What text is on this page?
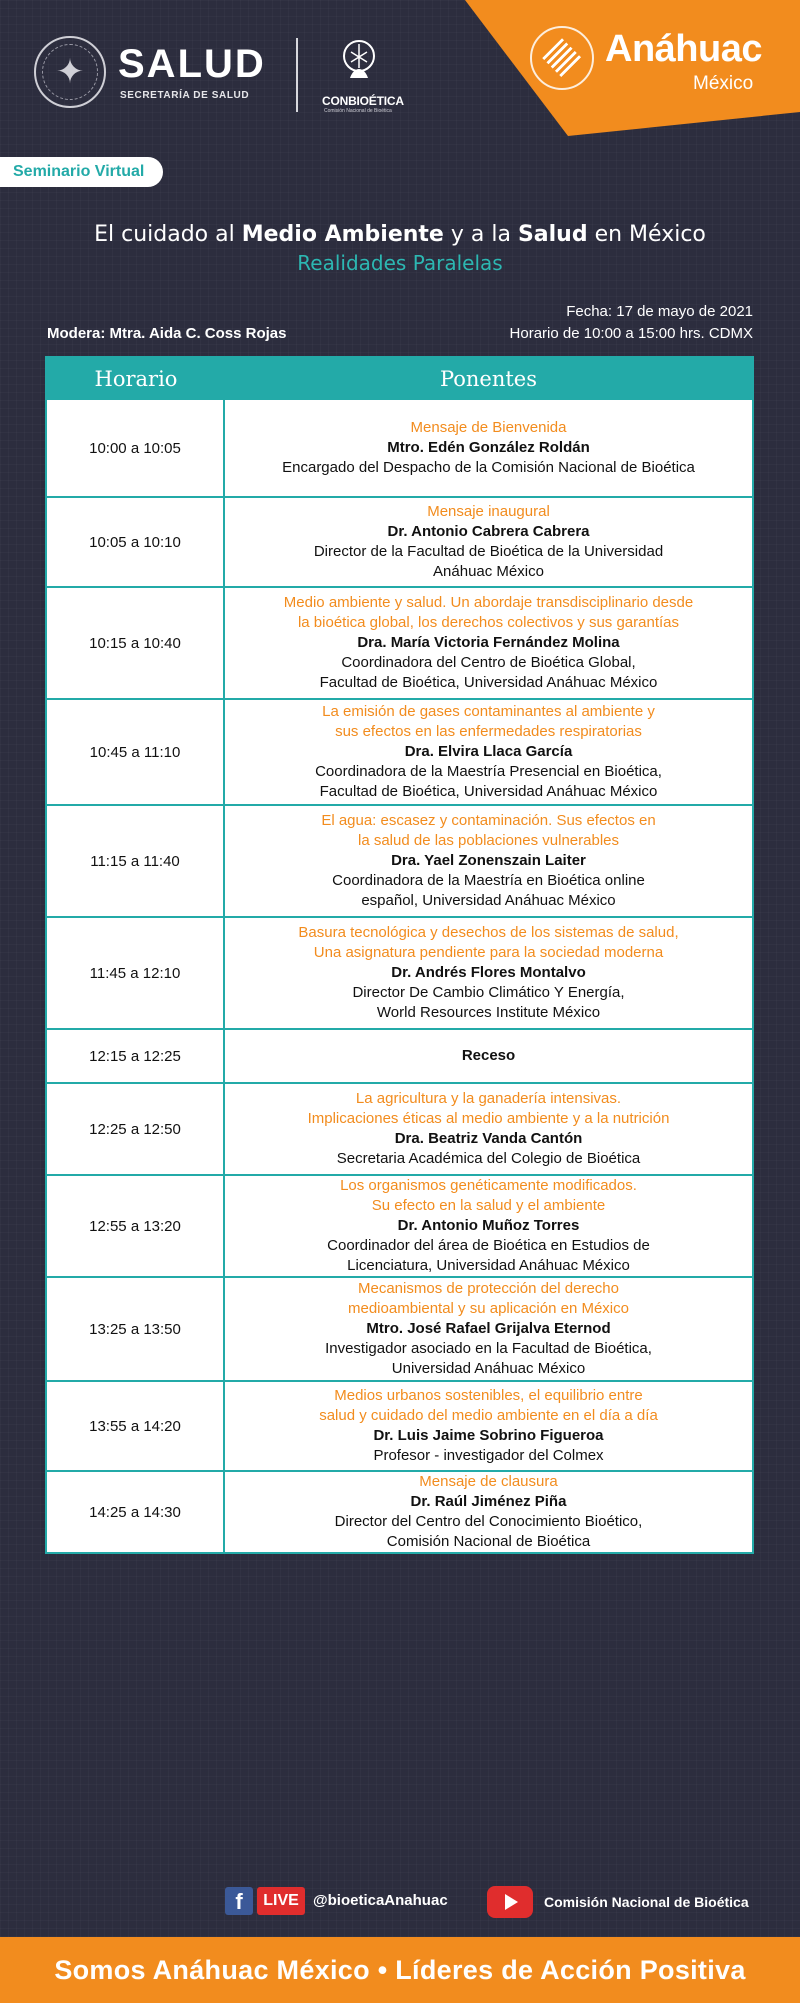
✦ SALUD
SECRETARÍA DE SALUD	CONBIOÉTICA
Comisión Nacional de Bioética
Anáhuac
México
Seminario Virtual
El cuidado al Medio Ambiente y a la Salud en México
Realidades Paralelas
Fecha: 17 de mayo de 2021
Horario de 10:00 a 15:00 hrs. CDMX
Modera: Mtra. Aida C. Coss Rojas
Horario	Ponentes
10:00 a 10:05
Mensaje de Bienvenida
Mtro. Edén González Roldán
Encargado del Despacho de la Comisión Nacional de Bioética
10:05 a 10:10
Mensaje inaugural
Dr. Antonio Cabrera Cabrera
Director de la Facultad de Bioética de la Universidad
Anáhuac México
10:15 a 10:40
Medio ambiente y salud. Un abordaje transdisciplinario desde
la bioética global, los derechos colectivos y sus garantías
Dra. María Victoria Fernández Molina
Coordinadora del Centro de Bioética Global,
Facultad de Bioética, Universidad Anáhuac México
10:45 a 11:10
La emisión de gases contaminantes al ambiente y
sus efectos en las enfermedades respiratorias
Dra. Elvira Llaca García
Coordinadora de la Maestría Presencial en Bioética,
Facultad de Bioética, Universidad Anáhuac México
11:15 a 11:40
El agua: escasez y contaminación. Sus efectos en
la salud de las poblaciones vulnerables
Dra. Yael Zonenszain Laiter
Coordinadora de la Maestría en Bioética online
español, Universidad Anáhuac México
11:45 a 12:10
Basura tecnológica y desechos de los sistemas de salud,
Una asignatura pendiente para la sociedad moderna
Dr. Andrés Flores Montalvo
Director De Cambio Climático Y Energía,
World Resources Institute México
12:15 a 12:25	Receso
12:25 a 12:50
La agricultura y la ganadería intensivas.
Implicaciones éticas al medio ambiente y a la nutrición
Dra. Beatriz Vanda Cantón
Secretaria Académica del Colegio de Bioética
12:55 a 13:20
Los organismos genéticamente modificados.
Su efecto en la salud y el ambiente
Dr. Antonio Muñoz Torres
Coordinador del área de Bioética en Estudios de
Licenciatura, Universidad Anáhuac México
13:25 a 13:50
Mecanismos de protección del derecho
medioambiental y su aplicación en México
Mtro. José Rafael Grijalva Eternod
Investigador asociado en la Facultad de Bioética,
Universidad Anáhuac México
13:55 a 14:20
Medios urbanos sostenibles, el equilibrio entre
salud y cuidado del medio ambiente en el día a día
Dr. Luis Jaime Sobrino Figueroa
Profesor - investigador del Colmex
14:25 a 14:30
Mensaje de clausura
Dr. Raúl Jiménez Piña
Director del Centro del Conocimiento Bioético,
Comisión Nacional de Bioética
f	LIVE @bioeticaAnahuac	Comisión Nacional de Bioética
Somos Anáhuac México • Líderes de Acción Positiva
